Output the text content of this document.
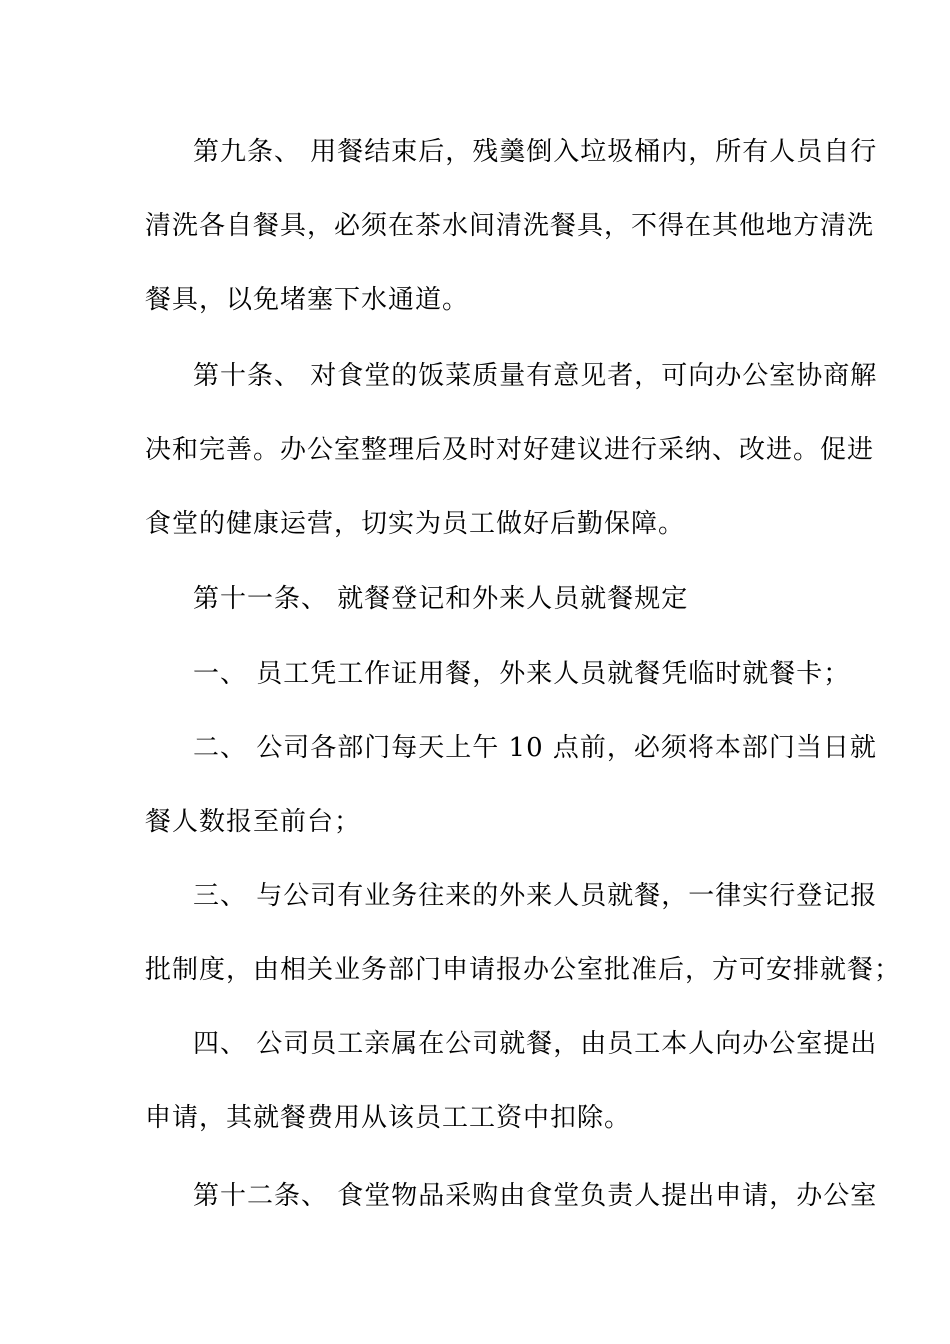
第九条、 用餐结束后，残羹倒入垃圾桶内，所有人员自行
清洗各自餐具，必须在茶水间清洗餐具，不得在其他地方清洗
餐具，以免堵塞下水通道。
第十条、 对食堂的饭菜质量有意见者，可向办公室协商解
决和完善。办公室整理后及时对好建议进行采纳、改进。促进
食堂的健康运营，切实为员工做好后勤保障。
第十一条、 就餐登记和外来人员就餐规定
一、 员工凭工作证用餐，外来人员就餐凭临时就餐卡；
二、 公司各部门每天上午 10 点前，必须将本部门当日就
餐人数报至前台；
三、 与公司有业务往来的外来人员就餐，一律实行登记报
批制度，由相关业务部门申请报办公室批准后，方可安排就餐；
四、 公司员工亲属在公司就餐，由员工本人向办公室提出
申请，其就餐费用从该员工工资中扣除。
第十二条、 食堂物品采购由食堂负责人提出申请，办公室
